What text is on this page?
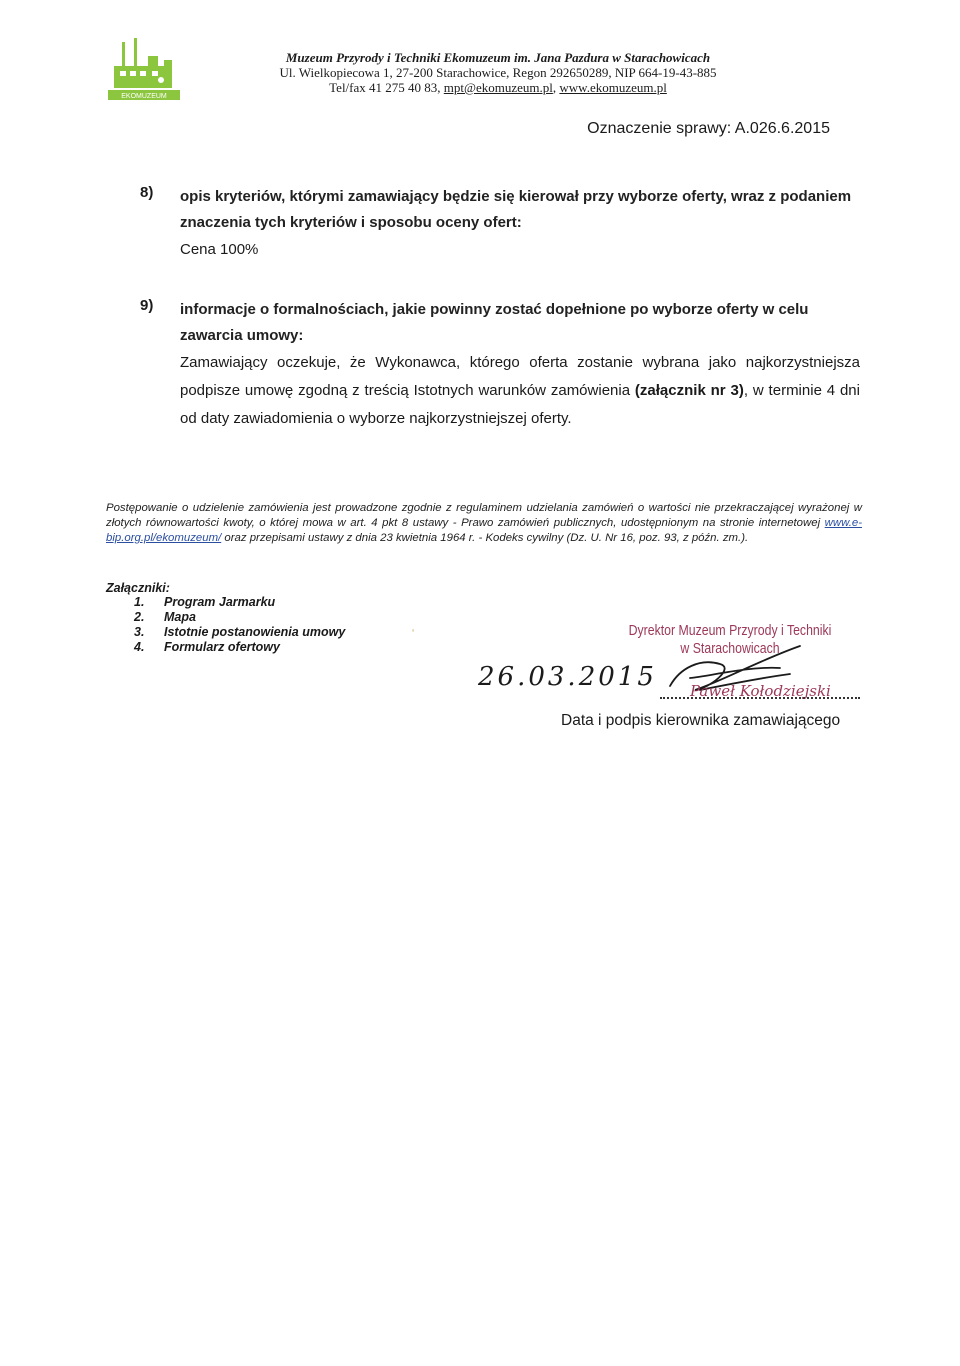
EKOMUZEUM
Muzeum Przyrody i Techniki Ekomuzeum im. Jana Pazdura w Starachowicach
Ul. Wielkopiecowa 1, 27-200 Starachowice, Regon 292650289, NIP 664-19-43-885
Tel/fax 41 275 40 83, mpt@ekomuzeum.pl, www.ekomuzeum.pl
Oznaczenie sprawy: A.026.6.2015
8) opis kryteriów, którymi zamawiający będzie się kierował przy wyborze oferty, wraz z podaniem znaczenia tych kryteriów i sposobu oceny ofert:
Cena 100%
9) informacje o formalnościach, jakie powinny zostać dopełnione po wyborze oferty w celu zawarcia umowy:
Zamawiający oczekuje, że Wykonawca, którego oferta zostanie wybrana jako najkorzystniejsza podpisze umowę zgodną z treścią Istotnych warunków zamówienia (załącznik nr 3), w terminie 4 dni od daty zawiadomienia o wyborze najkorzystniejszej oferty.
Postępowanie o udzielenie zamówienia jest prowadzone zgodnie z regulaminem udzielania zamówień o wartości nie przekraczającej wyrażonej w złotych równowartości kwoty, o której mowa w art. 4 pkt 8 ustawy - Prawo zamówień publicznych, udostępnionym na stronie internetowej www.e-bip.org.pl/ekomuzeum/ oraz przepisami ustawy z dnia 23 kwietnia 1964 r. - Kodeks cywilny (Dz. U. Nr 16, poz. 93, z późn. zm.).
Załączniki:
1. Program Jarmarku
2. Mapa
3. Istotnie postanowienia umowy
4. Formularz ofertowy
‘	Dyrektor Muzeum Przyrody i Techniki
w Starachowicach
26.03.2015 Paweł Kołodziejski
Data i podpis kierownika zamawiającego
